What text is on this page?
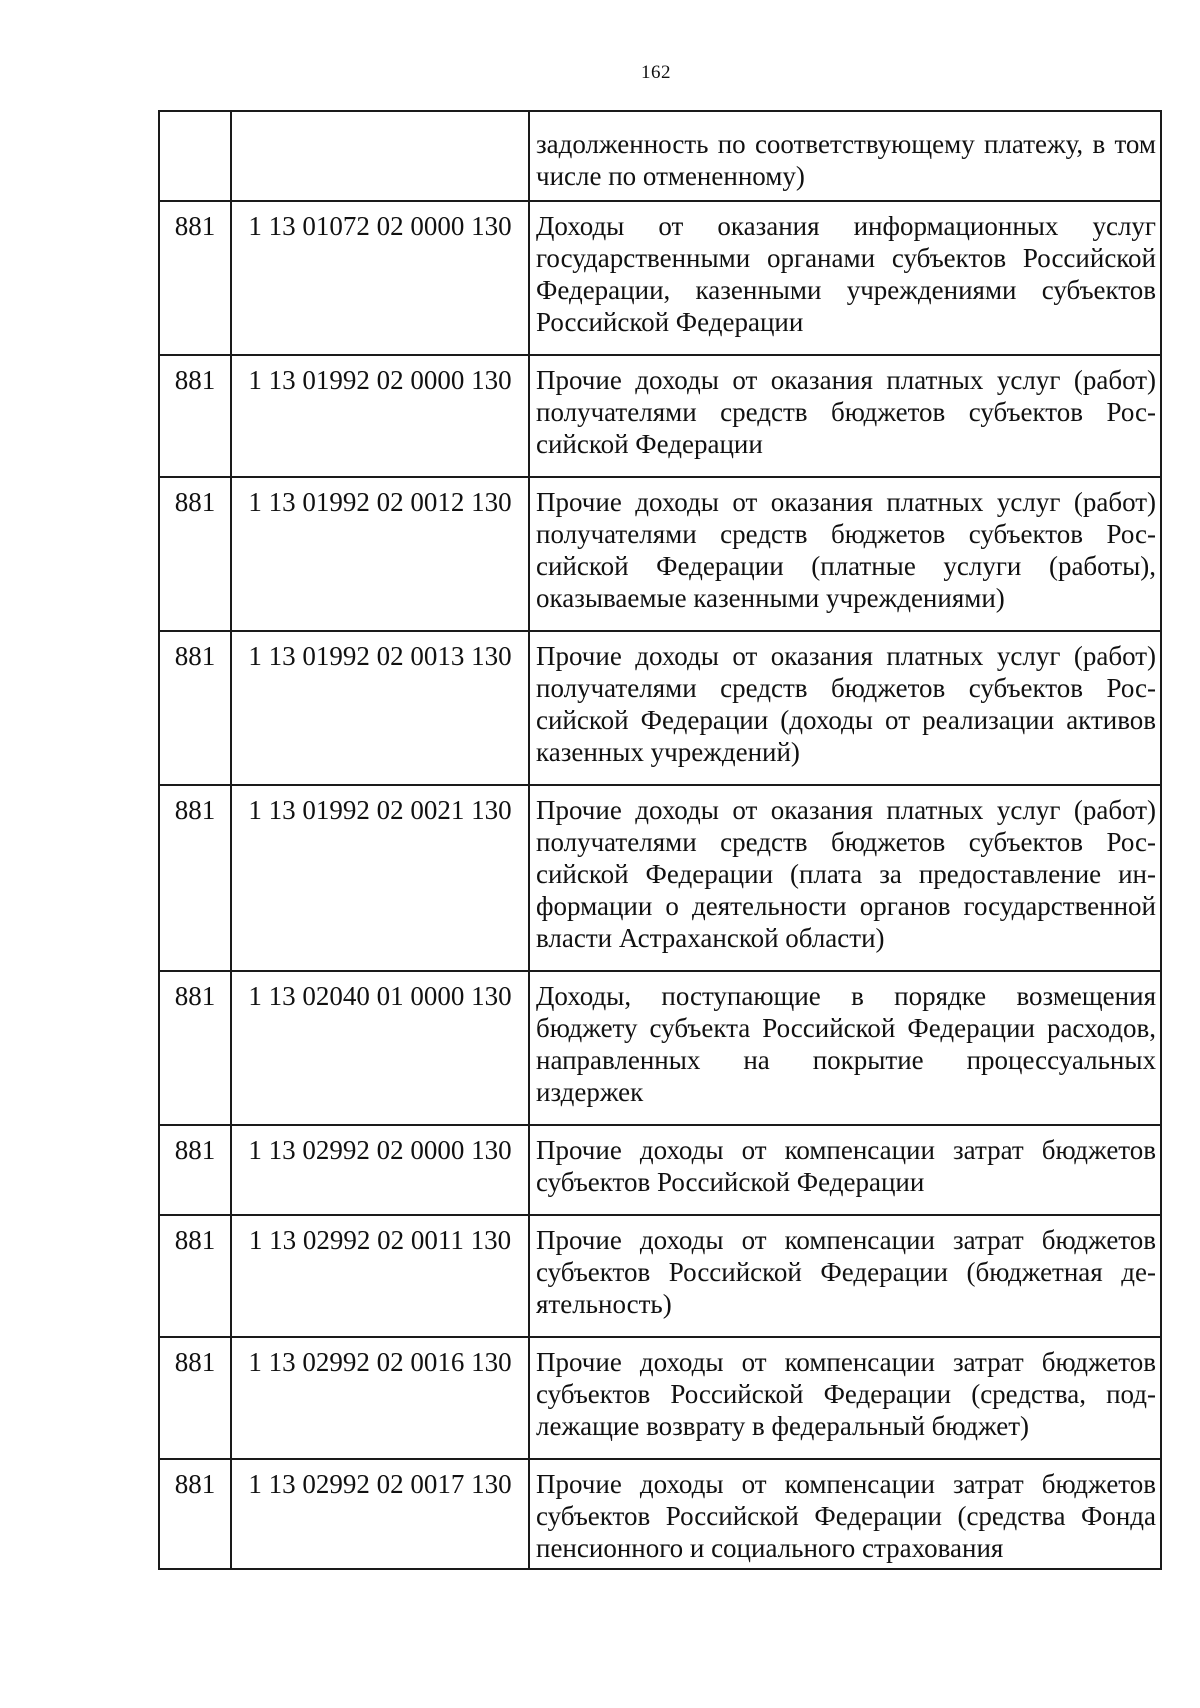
162
		задолженность по соответствующему платежу, в том числе по отмененному)
881	1 13 01072 02 0000 130	Доходы от оказания информационных услуг государственными органами субъектов Российской Федерации, казенными учреждениями субъектов Российской Федерации
881	1 13 01992 02 0000 130	Прочие доходы от оказания платных услуг (работ) получателями средств бюджетов субъектов Российской Федерации
881	1 13 01992 02 0012 130	Прочие доходы от оказания платных услуг (работ) получателями средств бюджетов субъектов Российской Федерации (платные услуги (работы), оказываемые казенными учреждениями)
881	1 13 01992 02 0013 130	Прочие доходы от оказания платных услуг (работ) получателями средств бюджетов субъектов Российской Федерации (доходы от реализации активов казенных учреждений)
881	1 13 01992 02 0021 130	Прочие доходы от оказания платных услуг (работ) получателями средств бюджетов субъектов Российской Федерации (плата за предоставление информации о деятельности органов государственной власти Астраханской области)
881	1 13 02040 01 0000 130	Доходы, поступающие в порядке возмещения бюджету субъекта Российской Федерации расходов, направленных на покрытие процессуальных издержек
881	1 13 02992 02 0000 130	Прочие доходы от компенсации затрат бюджетов субъектов Российской Федерации
881	1 13 02992 02 0011 130	Прочие доходы от компенсации затрат бюджетов субъектов Российской Федерации (бюджетная деятельность)
881	1 13 02992 02 0016 130	Прочие доходы от компенсации затрат бюджетов субъектов Российской Федерации (средства, подлежащие возврату в федеральный бюджет)
881	1 13 02992 02 0017 130	Прочие доходы от компенсации затрат бюджетов субъектов Российской Федерации (средства Фонда пенсионного и социального страхования
